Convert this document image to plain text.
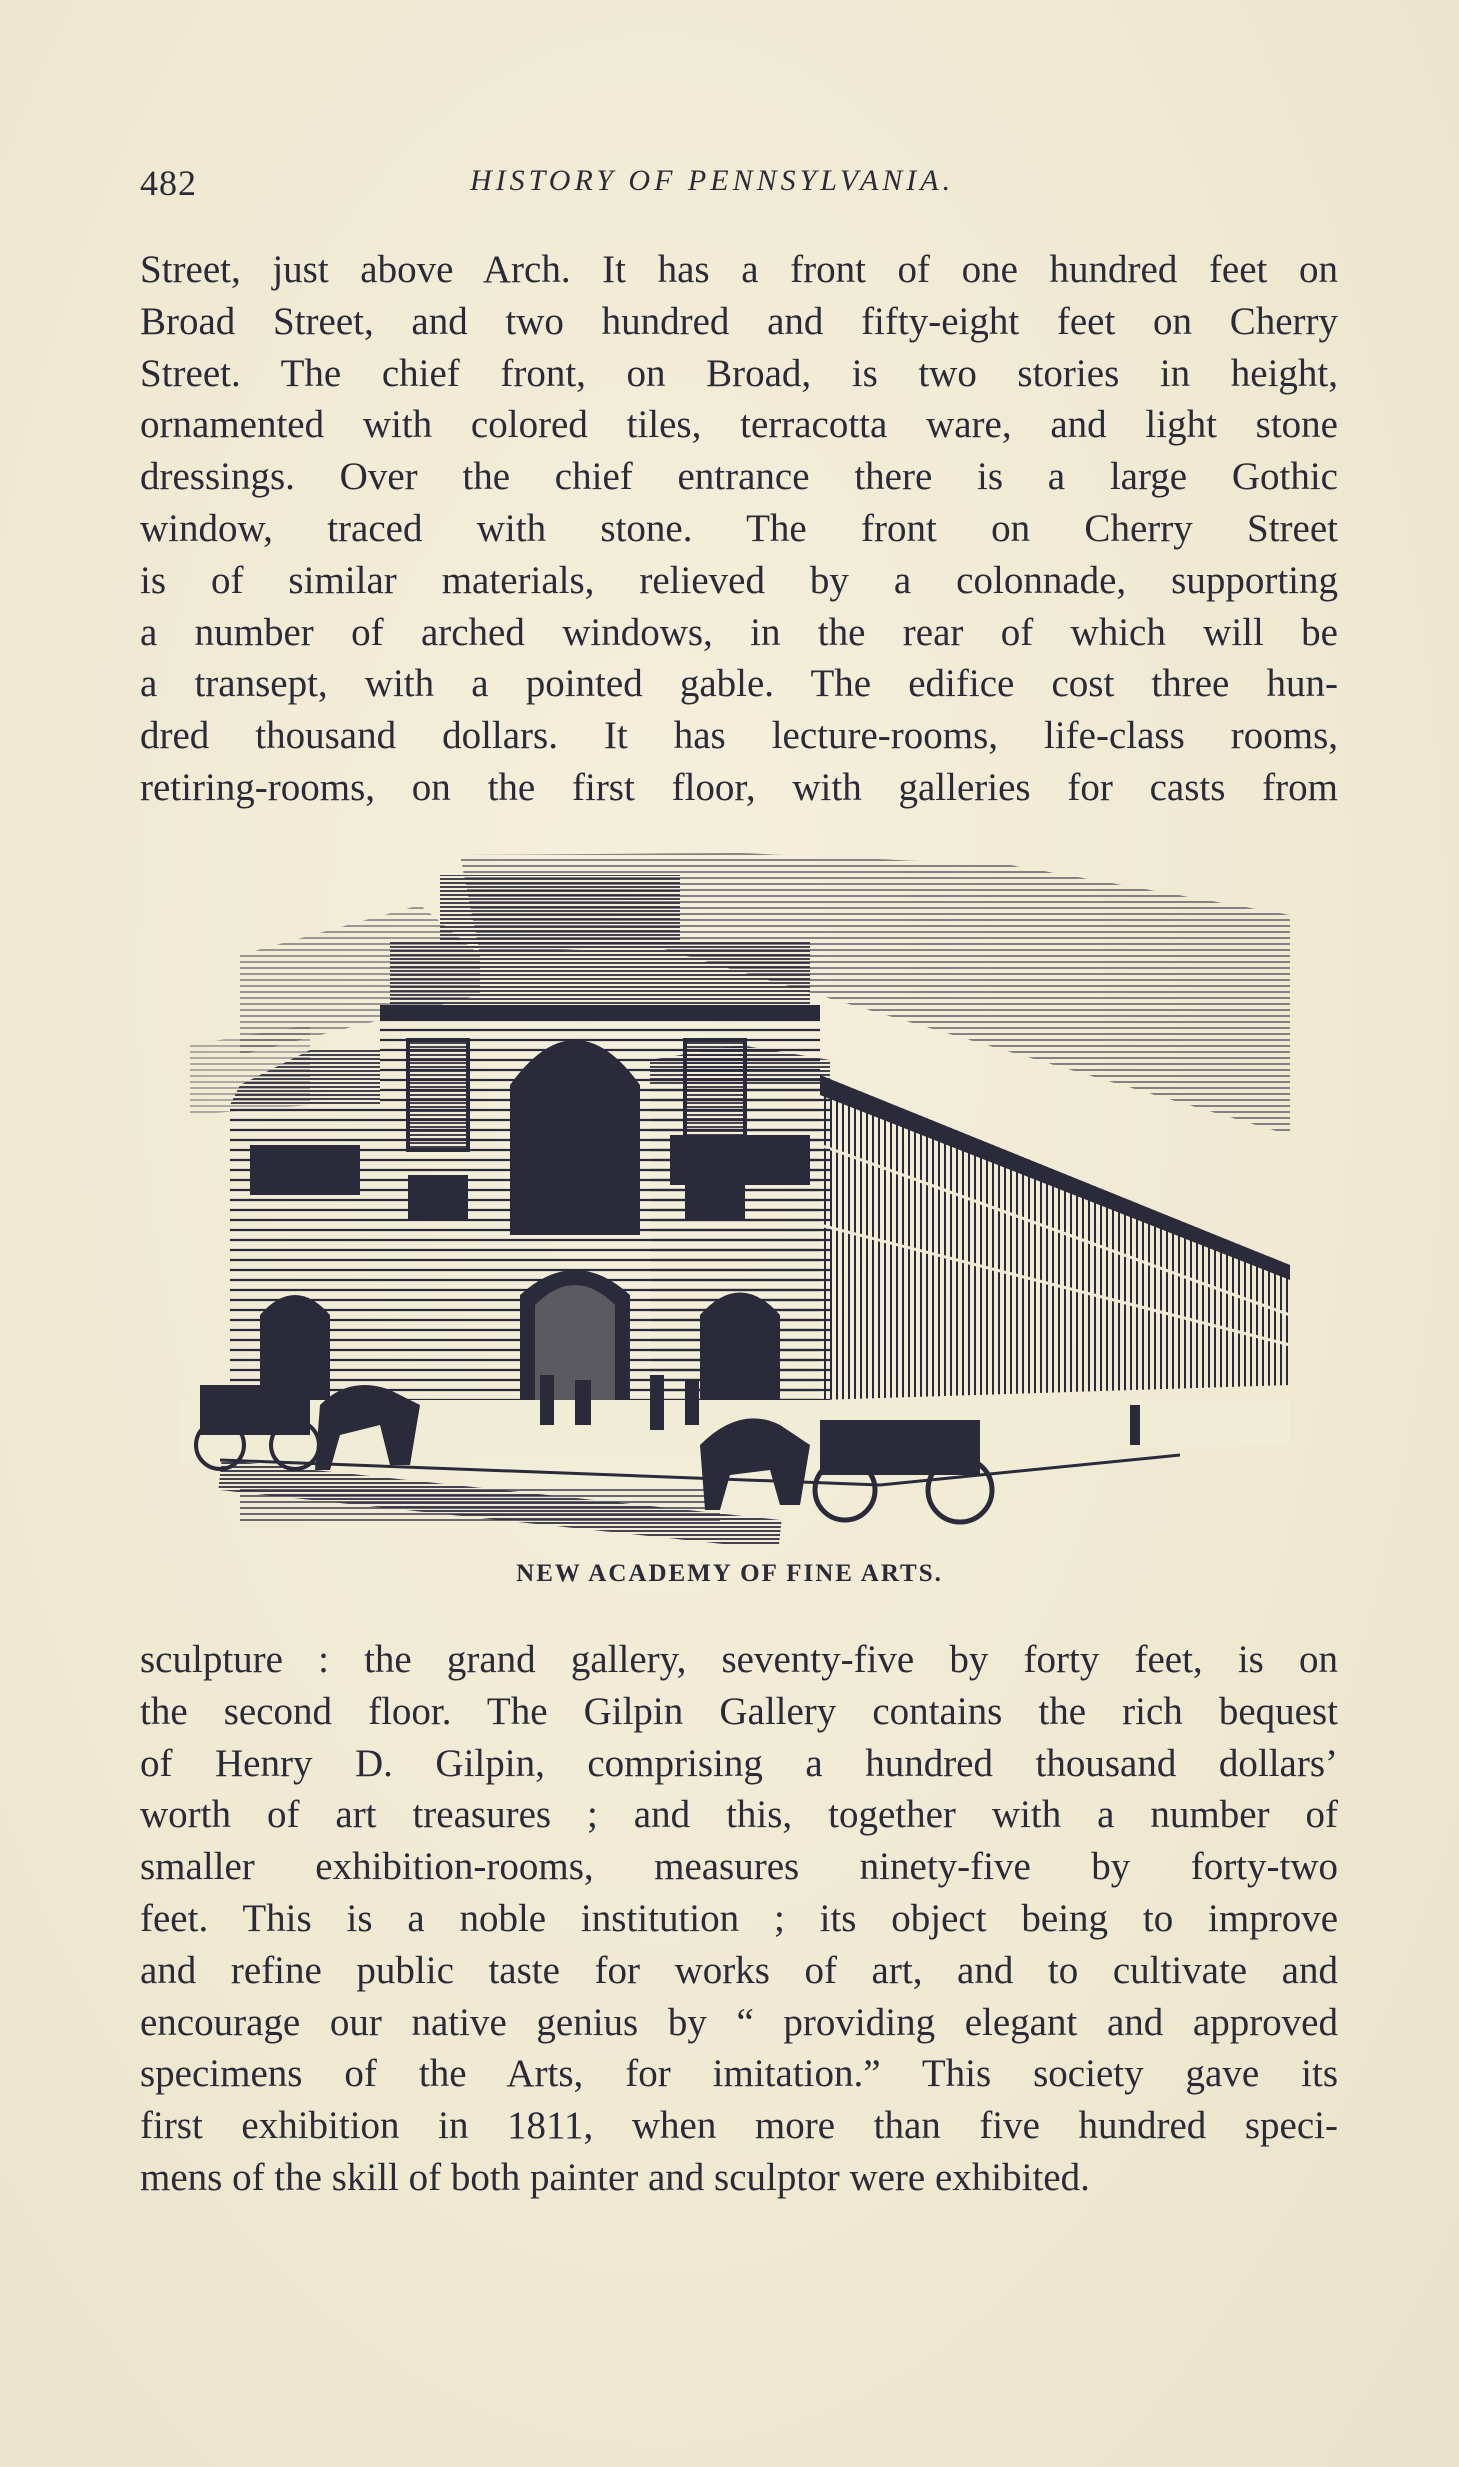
482	HISTORY OF PENNSYLVANIA.

Street, just above Arch. It has a front of one hundred feet on
Broad Street, and two hundred and fifty-eight feet on Cherry
Street. The chief front, on Broad, is two stories in height,
ornamented with colored tiles, terracotta ware, and light stone
dressings. Over the chief entrance there is a large Gothic
window, traced with stone. The front on Cherry Street
is of similar materials, relieved by a colonnade, supporting
a number of arched windows, in the rear of which will be
a transept, with a pointed gable. The edifice cost three hun-
dred thousand dollars. It has lecture-rooms, life-class rooms,
retiring-rooms, on the first floor, with galleries for casts from

NEW ACADEMY OF FINE ARTS.

sculpture : the grand gallery, seventy-five by forty feet, is on
the second floor. The Gilpin Gallery contains the rich bequest
of Henry D. Gilpin, comprising a hundred thousand dollars’
worth of art treasures ; and this, together with a number of
smaller exhibition-rooms, measures ninety-five by forty-two
feet. This is a noble institution ; its object being to improve
and refine public taste for works of art, and to cultivate and
encourage our native genius by “ providing elegant and approved
specimens of the Arts, for imitation.” This society gave its
first exhibition in 1811, when more than five hundred speci-
mens of the skill of both painter and sculptor were exhibited.
